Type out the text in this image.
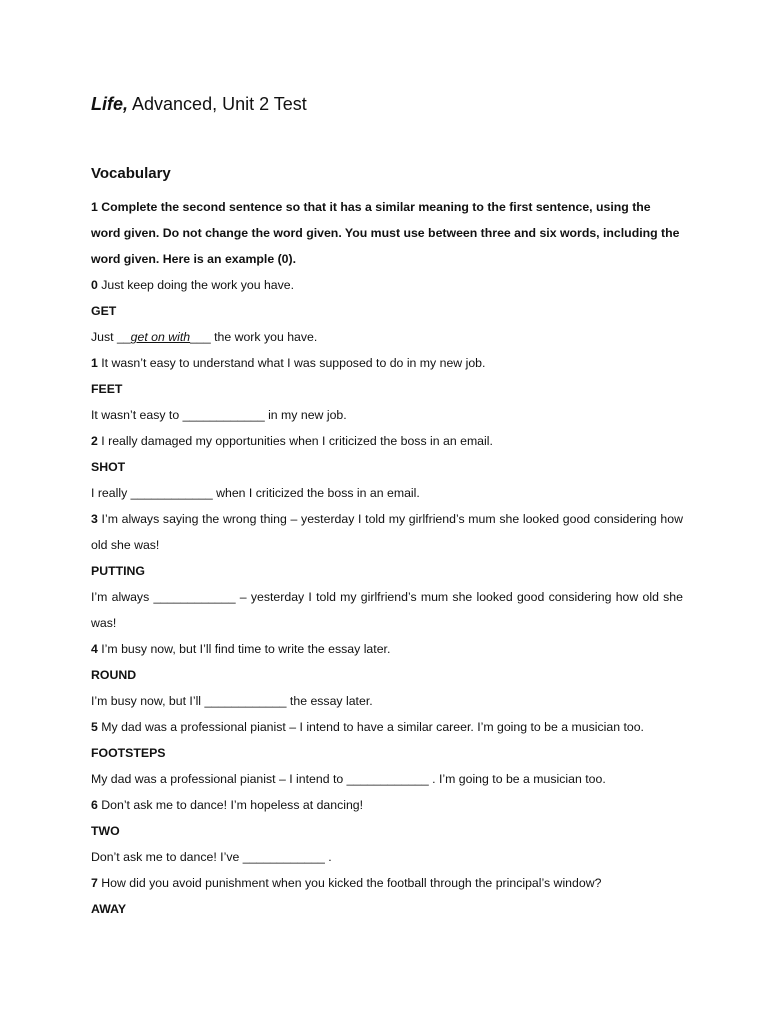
Life, Advanced, Unit 2 Test
Vocabulary
1 Complete the second sentence so that it has a similar meaning to the first sentence, using the word given. Do not change the word given. You must use between three and six words, including the word given. Here is an example (0).
0 Just keep doing the work you have.
GET
Just __get on with___ the work you have.
1 It wasn’t easy to understand what I was supposed to do in my new job.
FEET
It wasn’t easy to ____________ in my new job.
2 I really damaged my opportunities when I criticized the boss in an email.
SHOT
I really ____________ when I criticized the boss in an email.
3 I’m always saying the wrong thing – yesterday I told my girlfriend’s mum she looked good considering how old she was!
PUTTING
I’m always ____________ – yesterday I told my girlfriend’s mum she looked good considering how old she was!
4 I’m busy now, but I’ll find time to write the essay later.
ROUND
I’m busy now, but I’ll ____________ the essay later.
5 My dad was a professional pianist – I intend to have a similar career. I’m going to be a musician too.
FOOTSTEPS
My dad was a professional pianist – I intend to ____________ . I’m going to be a musician too.
6 Don’t ask me to dance! I’m hopeless at dancing!
TWO
Don’t ask me to dance! I’ve ____________ .
7 How did you avoid punishment when you kicked the football through the principal’s window?
AWAY
